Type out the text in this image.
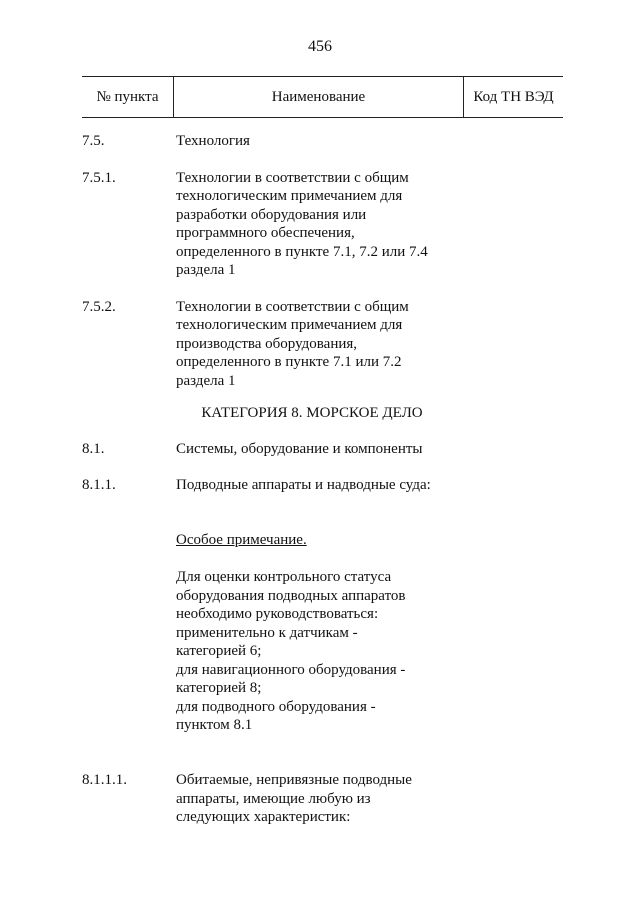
456
№ пункта	Наименование	Код ТН ВЭД
7.5.	Технология
7.5.1.	Технологии в соответствии с общим
технологическим примечанием для
разработки оборудования или
программного обеспечения,
определенного в пункте 7.1, 7.2 или 7.4
раздела 1
7.5.2.	Технологии в соответствии с общим
технологическим примечанием для
производства оборудования,
определенного в пункте 7.1 или 7.2
раздела 1
КАТЕГОРИЯ 8. МОРСКОЕ ДЕЛО
8.1.	Системы, оборудование и компоненты
8.1.1.	Подводные аппараты и надводные суда:

Особое примечание.

Для оценки контрольного статуса
оборудования подводных аппаратов
необходимо руководствоваться:
применительно к датчикам -
категорией 6;
для навигационного оборудования -
категорией 8;
для подводного оборудования -
пунктом 8.1

8.1.1.1.	Обитаемые, непривязные подводные
аппараты, имеющие любую из
следующих характеристик:
